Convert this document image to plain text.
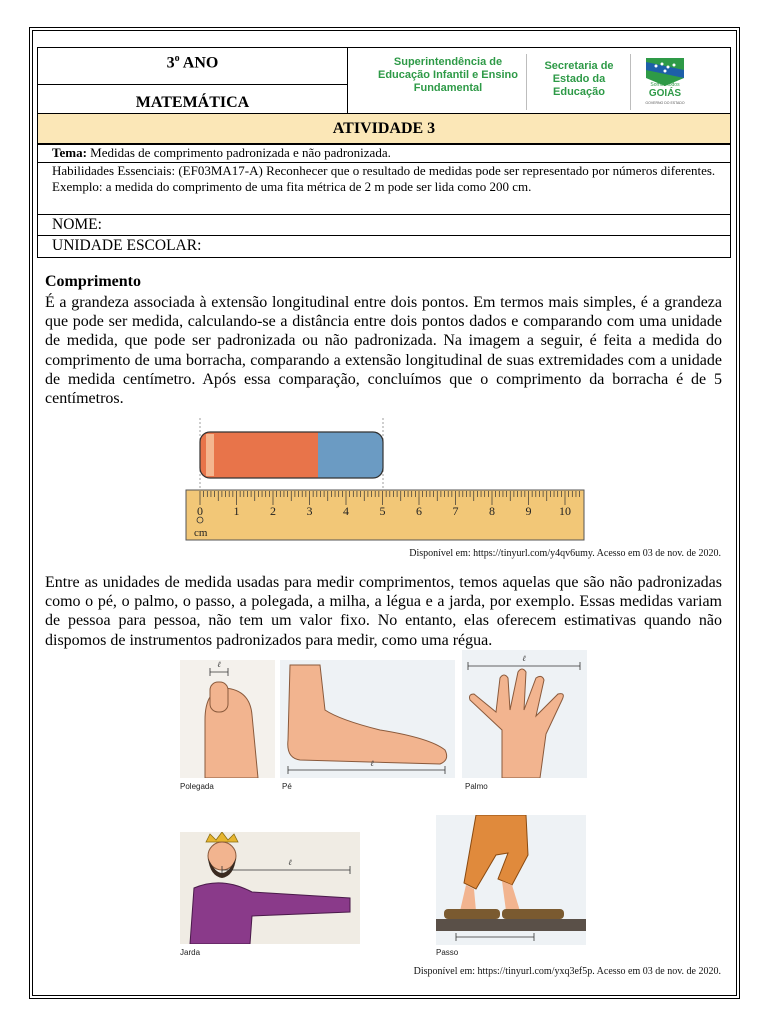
3$^o$ ANO	Superintendência de Educação Infantil e Ensino Fundamental
Secretaria de Estado da Educação
Somos todos
GOIÁS
GOVERNO DO ESTADO

MATEMÁTICA
ATIVIDADE 3
Tema: Medidas de comprimento padronizada e não padronizada.
Habilidades Essenciais: (EF03MA17-A) Reconhecer que o resultado de medidas pode ser representado por números diferentes. Exemplo: a medida do comprimento de uma fita métrica de 2 m pode ser lida como 200 cm.
NOME:
UNIDADE ESCOLAR:
Comprimento
É a grandeza associada à extensão longitudinal entre dois pontos. Em termos mais simples, é a grandeza que pode ser medida, calculando-se a distância entre dois pontos dados e comparando com uma unidade de medida, que pode ser padronizada ou não padronizada. Na imagem a seguir, é feita a medida do comprimento de uma borracha, comparando a extensão longitudinal de suas extremidades com a unidade de medida centímetro. Após essa comparação, concluímos que o comprimento da borracha é de 5 centímetros.
0	1	2	3	4	5	6	7	8	9 10
cm
Disponível em: https://tinyurl.com/y4qv6umy. Acesso em 03 de nov. de 2020.
Entre as unidades de medida usadas para medir comprimentos, temos aquelas que são não padronizadas como o pé, o palmo, o passo, a polegada, a milha, a légua e a jarda, por exemplo. Essas medidas variam de pessoa para pessoa, não tem um valor fixo. No entanto, elas oferecem estimativas quando não dispomos de instrumentos padronizados para medir, como uma régua.
ℓ
Polegada
ℓ
Pé
ℓ
Palmo
ℓ
Jarda	Passo
Disponível em: https://tinyurl.com/yxq3ef5p. Acesso em 03 de nov. de 2020.
